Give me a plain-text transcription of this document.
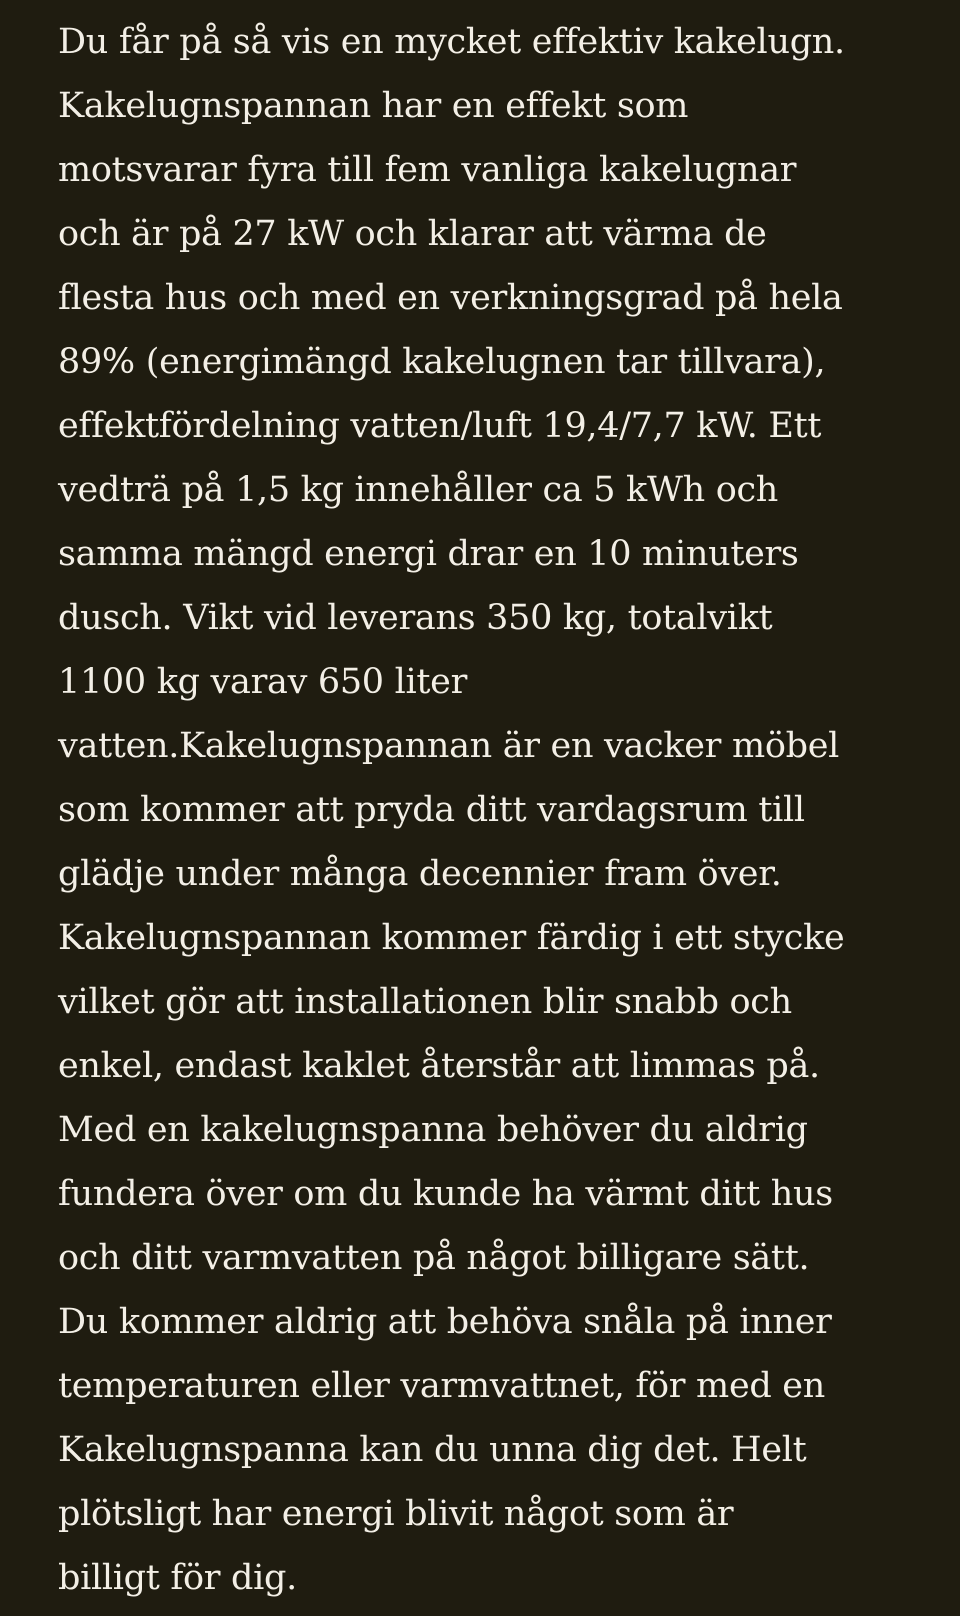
Du får på så vis en mycket effektiv kakelugn.
Kakelugnspannan har en effekt som
motsvarar fyra till fem vanliga kakelugnar
och är på 27 kW och klarar att värma de
flesta hus och med en verkningsgrad på hela
89% (energimängd kakelugnen tar tillvara),
effektfördelning vatten/luft 19,4/7,7 kW. Ett
vedträ på 1,5 kg innehåller ca 5 kWh och
samma mängd energi drar en 10 minuters
dusch. Vikt vid leverans 350 kg, totalvikt
1100 kg varav 650 liter
vatten.Kakelugnspannan är en vacker möbel
som kommer att pryda ditt vardagsrum till
glädje under många decennier fram över.
Kakelugnspannan kommer färdig i ett stycke
vilket gör att installationen blir snabb och
enkel, endast kaklet återstår att limmas på.
Med en kakelugnspanna behöver du aldrig
fundera över om du kunde ha värmt ditt hus
och ditt varmvatten på något billigare sätt.
Du kommer aldrig att behöva snåla på inner
temperaturen eller varmvattnet, för med en
Kakelugnspanna kan du unna dig det. Helt
plötsligt har energi blivit något som är
billigt för dig.
